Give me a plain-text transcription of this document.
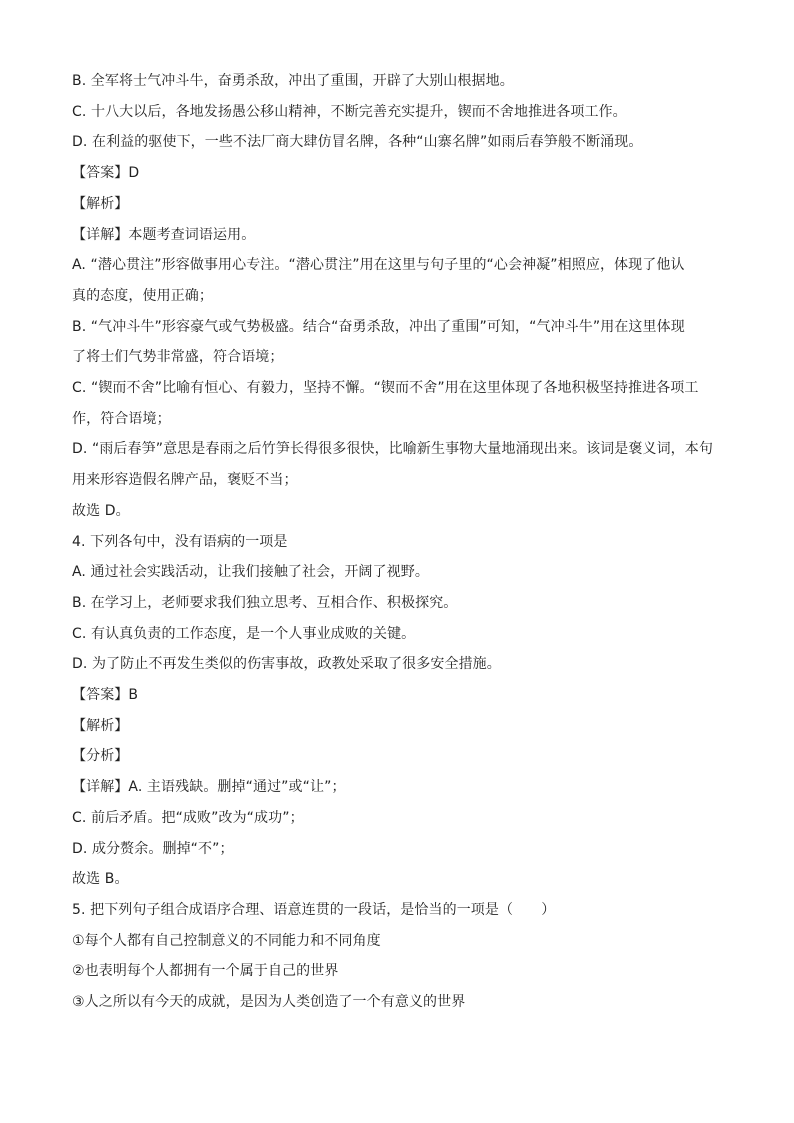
B. 全军将士气冲斗牛，奋勇杀敌，冲出了重围，开辟了大别山根据地。
C. 十八大以后，各地发扬愚公移山精神，不断完善充实提升，锲而不舍地推进各项工作。
D. 在利益的驱使下，一些不法厂商大肆仿冒名牌，各种“山寨名牌”如雨后春笋般不断涌现。
【答案】D
【解析】
【详解】本题考查词语运用。
A. “潜心贯注”形容做事用心专注。“潜心贯注”用在这里与句子里的“心会神凝”相照应，体现了他认
真的态度，使用正确；
B. “气冲斗牛”形容豪气或气势极盛。结合“奋勇杀敌，冲出了重围”可知，“气冲斗牛”用在这里体现
了将士们气势非常盛，符合语境；
C. “锲而不舍”比喻有恒心、有毅力，坚持不懈。“锲而不舍”用在这里体现了各地积极坚持推进各项工
作，符合语境；
D. “雨后春笋”意思是春雨之后竹笋长得很多很快，比喻新生事物大量地涌现出来。该词是褒义词，本句
用来形容造假名牌产品，褒贬不当；
故选 D。
4. 下列各句中，没有语病的一项是
A. 通过社会实践活动，让我们接触了社会，开阔了视野。
B. 在学习上，老师要求我们独立思考、互相合作、积极探究。
C. 有认真负责的工作态度，是一个人事业成败的关键。
D. 为了防止不再发生类似的伤害事故，政教处采取了很多安全措施。
【答案】B
【解析】
【分析】
【详解】A. 主语残缺。删掉“通过”或“让”；
C. 前后矛盾。把“成败”改为“成功”；
D. 成分赘余。删掉“不”；
故选 B。
5. 把下列句子组合成语序合理、语意连贯的一段话，是恰当的一项是（　　）
①每个人都有自己控制意义的不同能力和不同角度
②也表明每个人都拥有一个属于自己的世界
③人之所以有今天的成就，是因为人类创造了一个有意义的世界
